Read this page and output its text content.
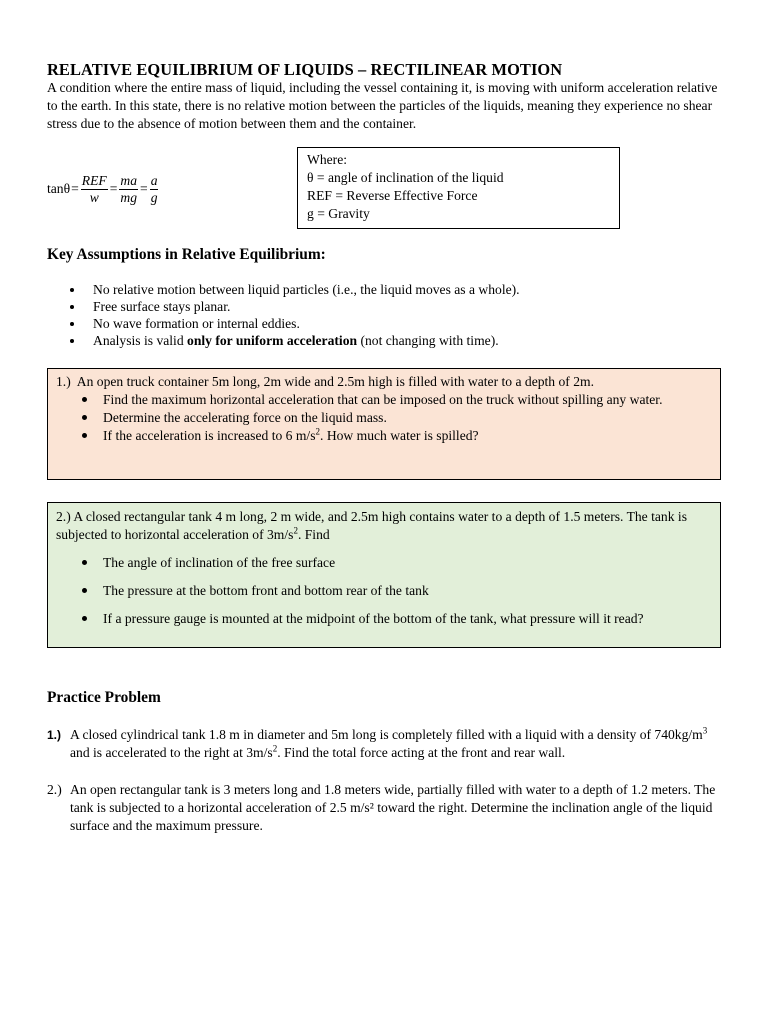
RELATIVE EQUILIBRIUM OF LIQUIDS – RECTILINEAR MOTION

A condition where the entire mass of liquid, including the vessel containing it, is moving with uniform acceleration relative to the earth. In this state, there is no relative motion between the particles of the liquids, meaning they experience no shear stress due to the absence of motion between them and the container.

$\tan\theta = \frac{\text{REF}}{w} = \frac{ma}{mg} = \frac{a}{g}$
Where:
θ = angle of inclination of the liquid
REF = Reverse Effective Force
g = Gravity
Key Assumptions in Relative Equilibrium:
No relative motion between liquid particles (i.e., the liquid moves as a whole).
Free surface stays planar.
No wave formation or internal eddies.
Analysis is valid only for uniform acceleration (not changing with time).
1.) An open truck container 5m long, 2m wide and 2.5m high is filled with water to a depth of 2m.
Find the maximum horizontal acceleration that can be imposed on the truck without spilling any water.
Determine the accelerating force on the liquid mass.
If the acceleration is increased to 6 $m/s^2$. How much water is spilled?
2.) A closed rectangular tank 4 m long, 2 m wide, and 2.5m high contains water to a depth of 1.5 meters. The tank is subjected to horizontal acceleration of $3m/s^2$. Find
The angle of inclination of the free surface
The pressure at the bottom front and bottom rear of the tank
If a pressure gauge is mounted at the midpoint of the bottom of the tank, what pressure will it read?
Practice Problem
1.) A closed cylindrical tank 1.8 m in diameter and 5m long is completely filled with a liquid with a density of $740kg/m^3$ and is accelerated to the right at $3m/s^2$. Find the total force acting at the front and rear wall.
2.) An open rectangular tank is 3 meters long and 1.8 meters wide, partially filled with water to a depth of 1.2 meters. The tank is subjected to a horizontal acceleration of 2.5 m/s² toward the right. Determine the inclination angle of the liquid surface and the maximum pressure.
